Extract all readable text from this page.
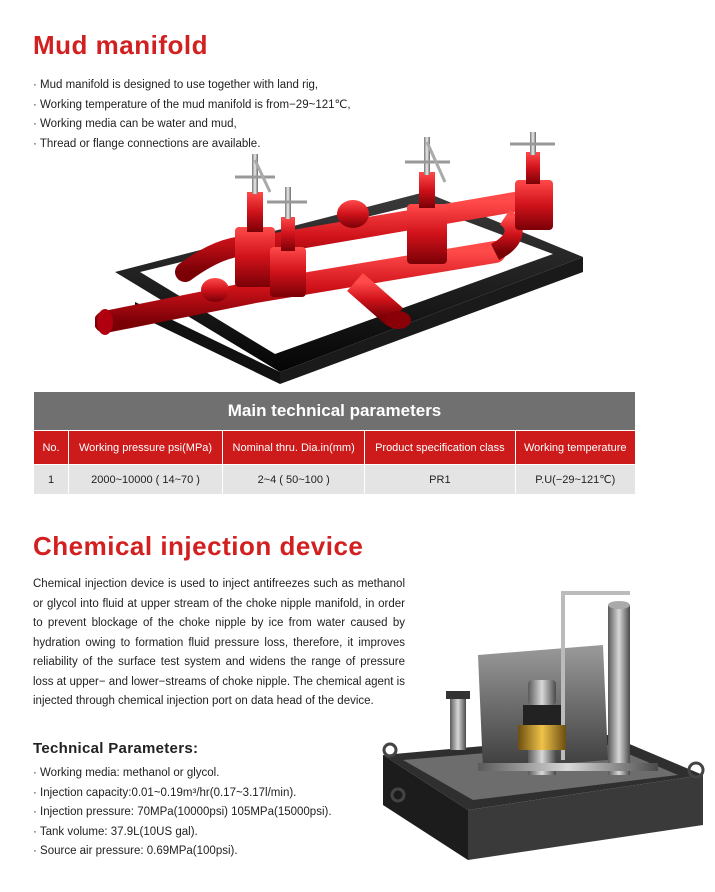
Mud manifold
· Mud manifold is designed to use together with land rig,
· Working temperature of the mud manifold is from−29~121℃,
· Working media can be water and mud,
· Thread or flange connections are available.
Main technical parameters				
No.	Working pressure psi(MPa)	Nominal thru. Dia.in(mm)	Product specification class	Working temperature
1	2000~10000 ( 14~70 )	2~4 ( 50~100 )	PR1	P.U(−29~121℃)
Chemical injection device

Chemical injection device is used to inject antifreezes such as methanol or glycol into fluid at upper stream of the choke nipple manifold, in order to prevent blockage of the choke nipple by ice from water caused by hydration owing to formation fluid pressure loss, therefore, it improves reliability of the surface test system and widens the range of pressure loss at upper− and lower−streams of choke nipple. The chemical agent is injected through chemical injection port on data head of the device.

Technical Parameters:
· Working media: methanol or glycol.
· Injection capacity:0.01~0.19m³/hr(0.17~3.17l/min).
· Injection pressure: 70MPa(10000psi) 105MPa(15000psi).
· Tank volume: 37.9L(10US gal).
· Source air pressure: 0.69MPa(100psi).
